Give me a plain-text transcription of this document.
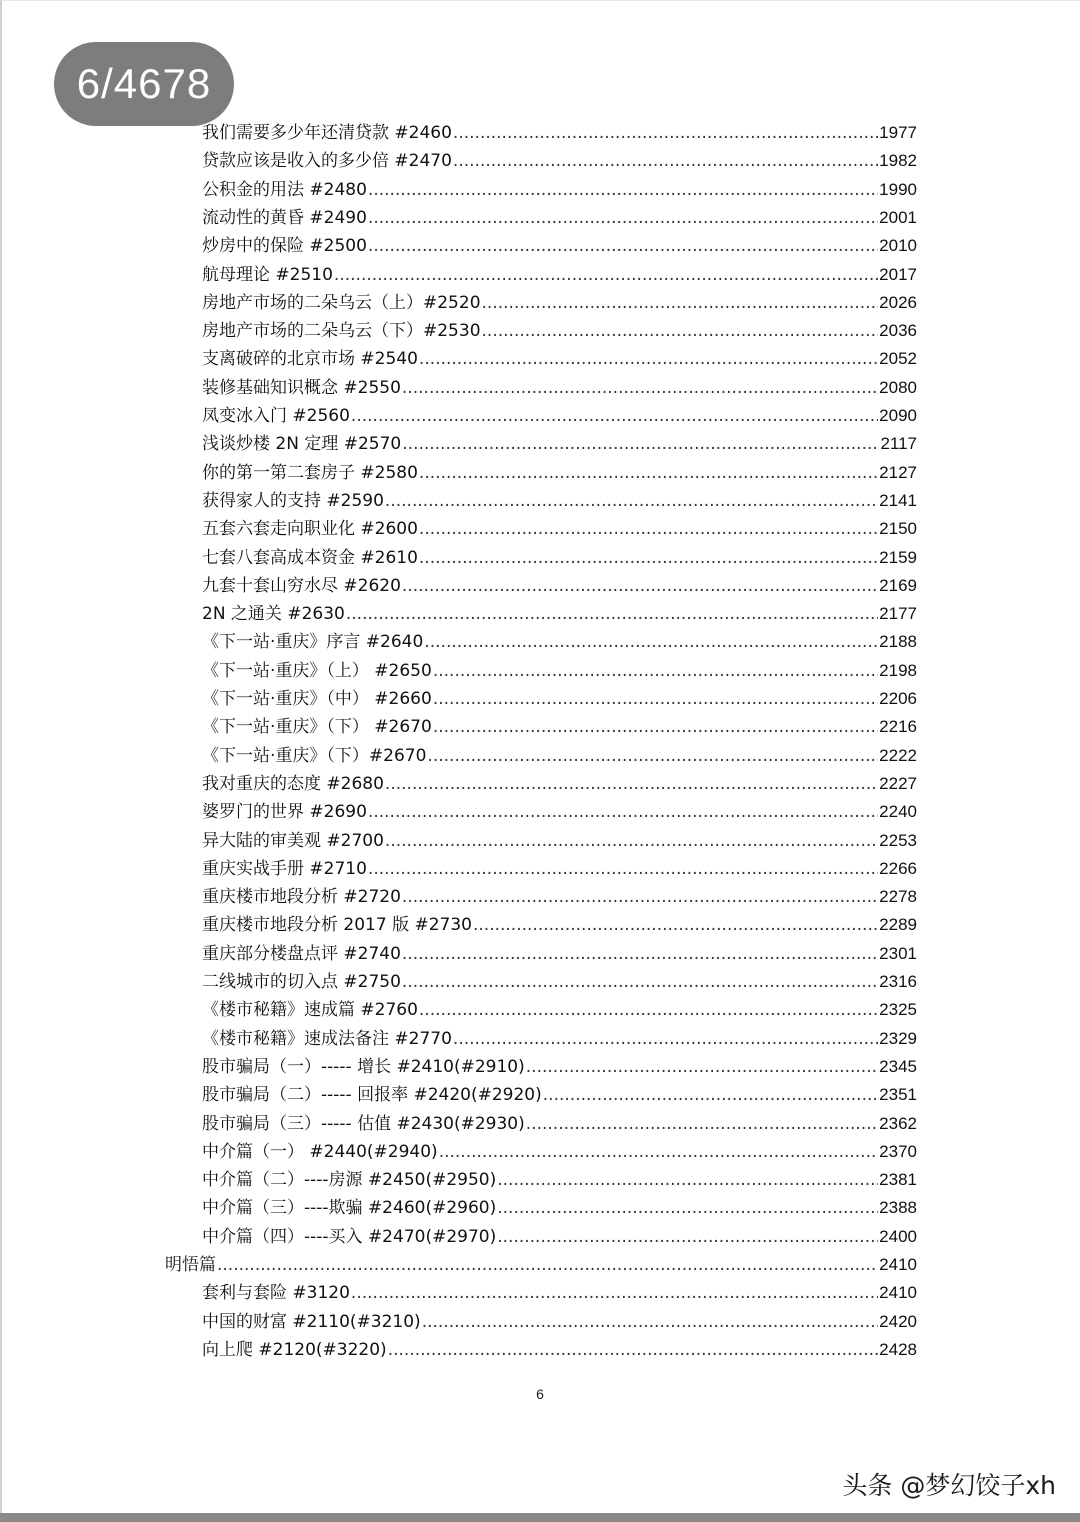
6/4678
我们需要多少年还清贷款 #2460 .....	1977
贷款应该是收入的多少倍 #2470 .....	1982
公积金的用法 #2480 .....	1990
流动性的黄昏 #2490 .....	2001
炒房中的保险 #2500 .....	2010
航母理论 #2510 .....	2017
房地产市场的二朵乌云（上）#2520 .....	2026
房地产市场的二朵乌云（下）#2530 .....	2036
支离破碎的北京市场 #2540 .....	2052
装修基础知识概念 #2550 .....	2080
凤变冰入门 #2560 .....	2090
浅谈炒楼 2N 定理 #2570 .....	2117
你的第一第二套房子 #2580 .....	2127
获得家人的支持 #2590 .....	2141
五套六套走向职业化 #2600 .....	2150
七套八套高成本资金 #2610 .....	2159
九套十套山穷水尽 #2620 .....	2169
2N 之通关 #2630 .....	2177
《下一站·重庆》序言 #2640 .....	2188
《下一站·重庆》（上） #2650 .....	2198
《下一站·重庆》（中） #2660 .....	2206
《下一站·重庆》（下） #2670 .....	2216
《下一站·重庆》（下）#2670 .....	2222
我对重庆的态度 #2680 .....	2227
婆罗门的世界 #2690 .....	2240
异大陆的审美观 #2700 .....	2253
重庆实战手册 #2710 .....	2266
重庆楼市地段分析 #2720 .....	2278
重庆楼市地段分析 2017 版 #2730 .....	2289
重庆部分楼盘点评 #2740 .....	2301
二线城市的切入点 #2750 .....	2316
《楼市秘籍》速成篇 #2760 .....	2325
《楼市秘籍》速成法备注 #2770 .....	2329
股市骗局（一）----- 增长 #2410(#2910) .....	2345
股市骗局（二）----- 回报率 #2420(#2920) .....	2351
股市骗局（三）----- 估值 #2430(#2930) .....	2362
中介篇（一） #2440(#2940) .....	2370
中介篇（二）----房源 #2450(#2950) .....	2381
中介篇（三）----欺骗 #2460(#2960) .....	2388
中介篇（四）----买入 #2470(#2970) .....	2400
明悟篇 .....	2410
套利与套险 #3120 .....	2410
中国的财富 #2110(#3210) .....	2420
向上爬 #2120(#3220) .....	2428
6
头条 @梦幻饺子xh
